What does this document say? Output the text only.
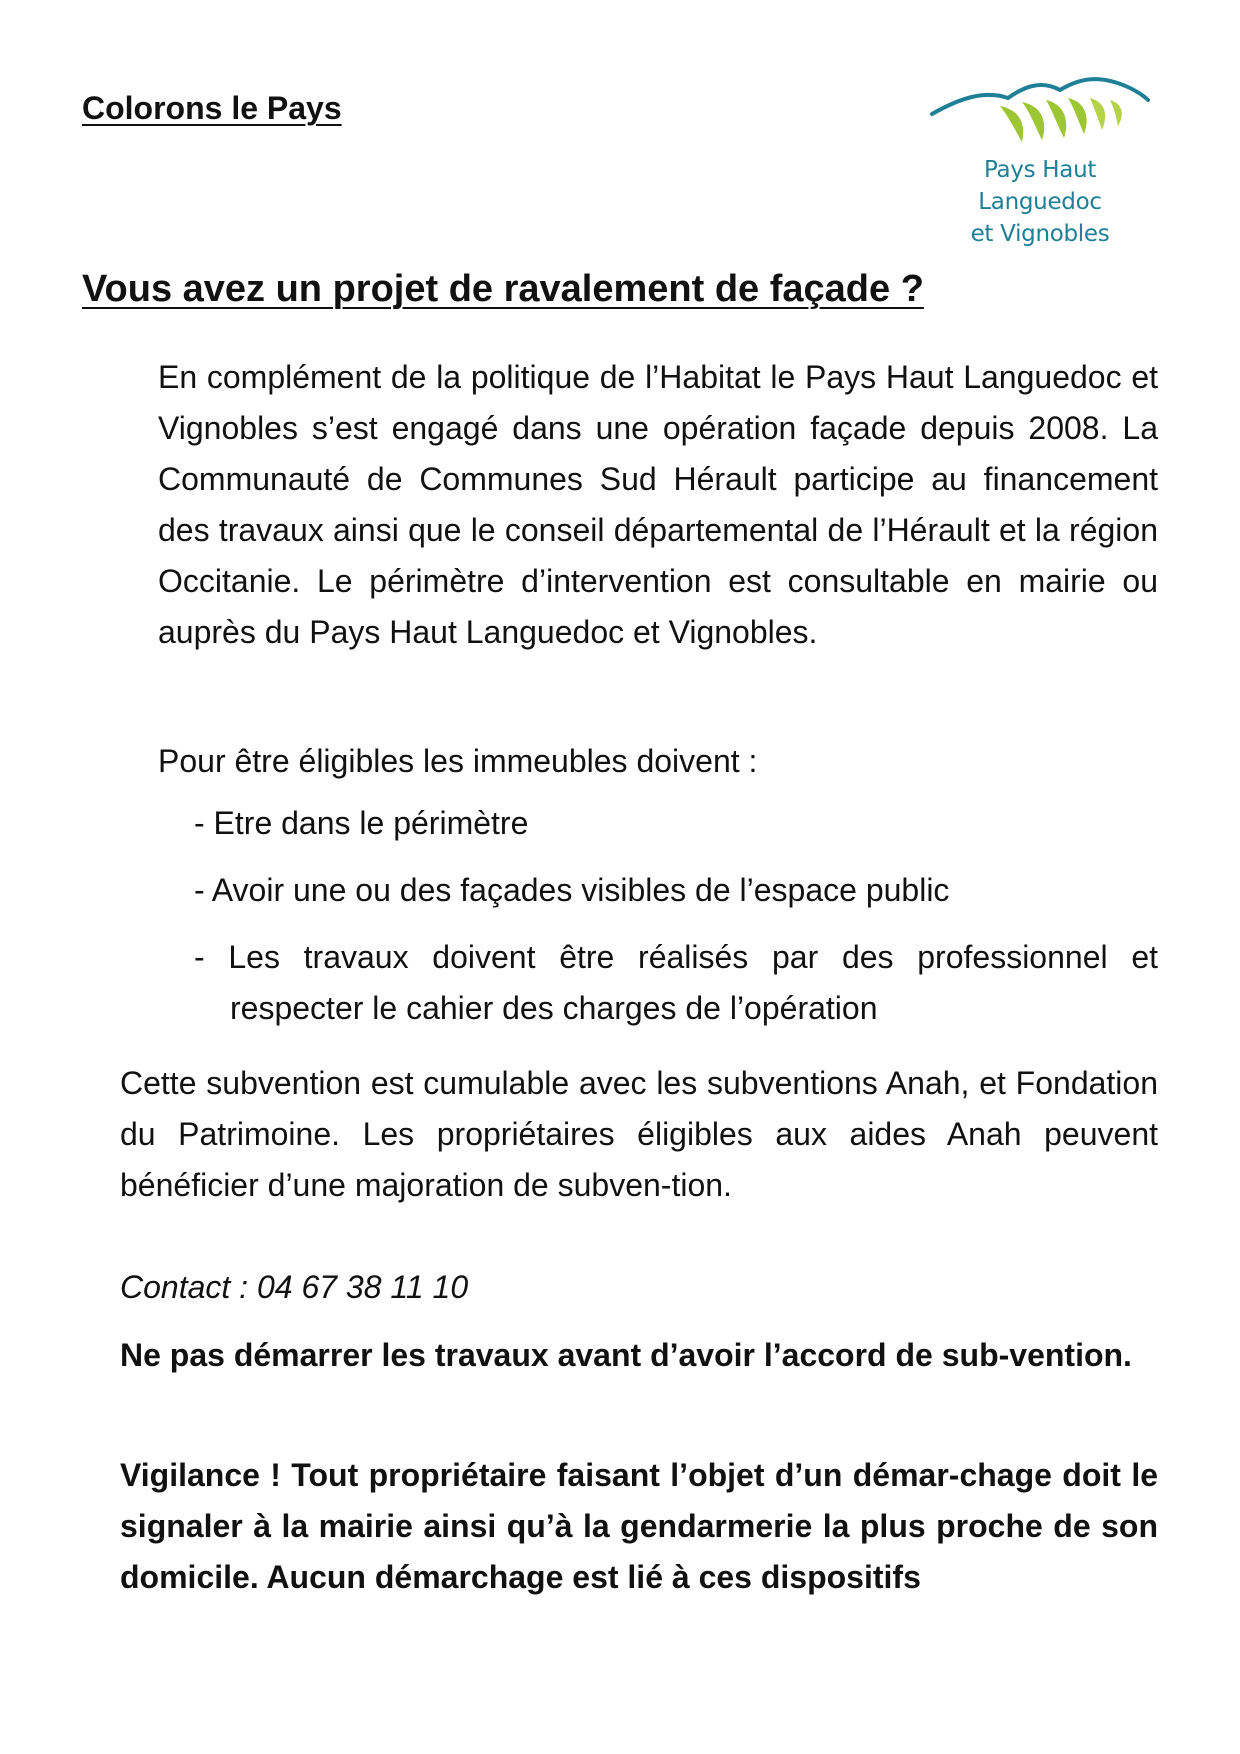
Colorons le Pays

Pays Haut Languedoc
et Vignobles
Vous avez un projet de ravalement de façade ?

En complément de la politique de l’Habitat le Pays Haut Languedoc et Vignobles s’est engagé dans une opération façade depuis 2008. La Communauté de Communes Sud Hérault participe au financement des travaux ainsi que le conseil départemental de l’Hérault et la région Occitanie. Le périmètre d’intervention est consultable en mairie ou auprès du Pays Haut Languedoc et Vignobles.

Pour être éligibles les immeubles doivent :

- Etre dans le périmètre
- Avoir une ou des façades visibles de l’espace public
- Les travaux doivent être réalisés par des professionnel et respecter le cahier des charges de l’opération

Cette subvention est cumulable avec les subventions Anah, et Fondation du Patrimoine. Les propriétaires éligibles aux aides Anah peuvent bénéficier d’une majoration de subven-tion.

Contact : 04 67 38 11 10

Ne pas démarrer les travaux avant d’avoir l’accord de sub-vention.

Vigilance ! Tout propriétaire faisant l’objet d’un démar-chage doit le signaler à la mairie ainsi qu’à la gendarmerie la plus proche de son domicile. Aucun démarchage est lié à ces dispositifs
